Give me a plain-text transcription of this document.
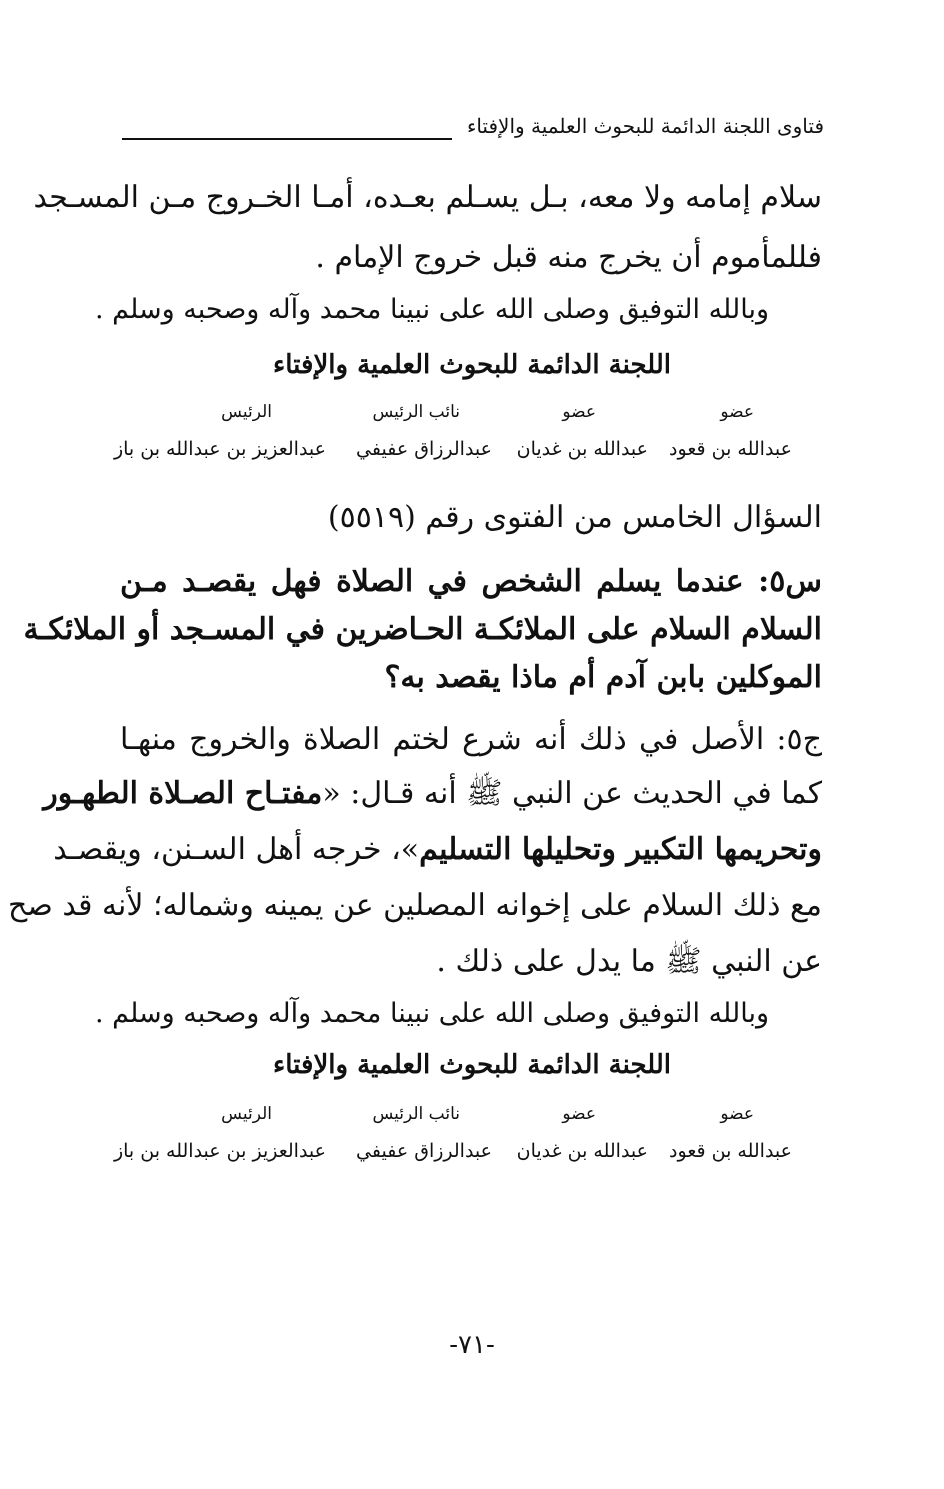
فتاوى اللجنة الدائمة للبحوث العلمية والإفتاء
سلام إمامه ولا معه، بـل يسـلم بعـده، أمـا الخـروج مـن المسـجد
فللمأموم أن يخرج منه قبل خروج الإمام .
وبالله التوفيق وصلى الله على نبينا محمد وآله وصحبه وسلم .
اللجنة الدائمة للبحوث العلمية والإفتاء
عضو
عضو
نائب الرئيس
الرئيس
عبدالله بن قعود
عبدالله بن غديان
عبدالرزاق عفيفي
عبدالعزيز بن عبدالله بن باز
السؤال الخامس من الفتوى رقم (٥٥١٩)
س٥: عندما يسلم الشخص في الصلاة فهل يقصـد مـن
السلام السلام على الملائكـة الحـاضرين في المسـجد أو الملائكـة
الموكلين بابن آدم أم ماذا يقصد به؟
ج٥: الأصل في ذلك أنه شرع لختم الصلاة والخروج منهـا
كما في الحديث عن النبي ﷺ أنه قـال: «مفتـاح الصـلاة الطهـور
وتحريمها التكبير وتحليلها التسليم»، خرجه أهل السـنن، ويقصـد
مع ذلك السلام على إخوانه المصلين عن يمينه وشماله؛ لأنه قد صح
عن النبي ﷺ ما يدل على ذلك .
وبالله التوفيق وصلى الله على نبينا محمد وآله وصحبه وسلم .
اللجنة الدائمة للبحوث العلمية والإفتاء
عضو
عضو
نائب الرئيس
الرئيس
عبدالله بن قعود
عبدالله بن غديان
عبدالرزاق عفيفي
عبدالعزيز بن عبدالله بن باز
-٧١-
